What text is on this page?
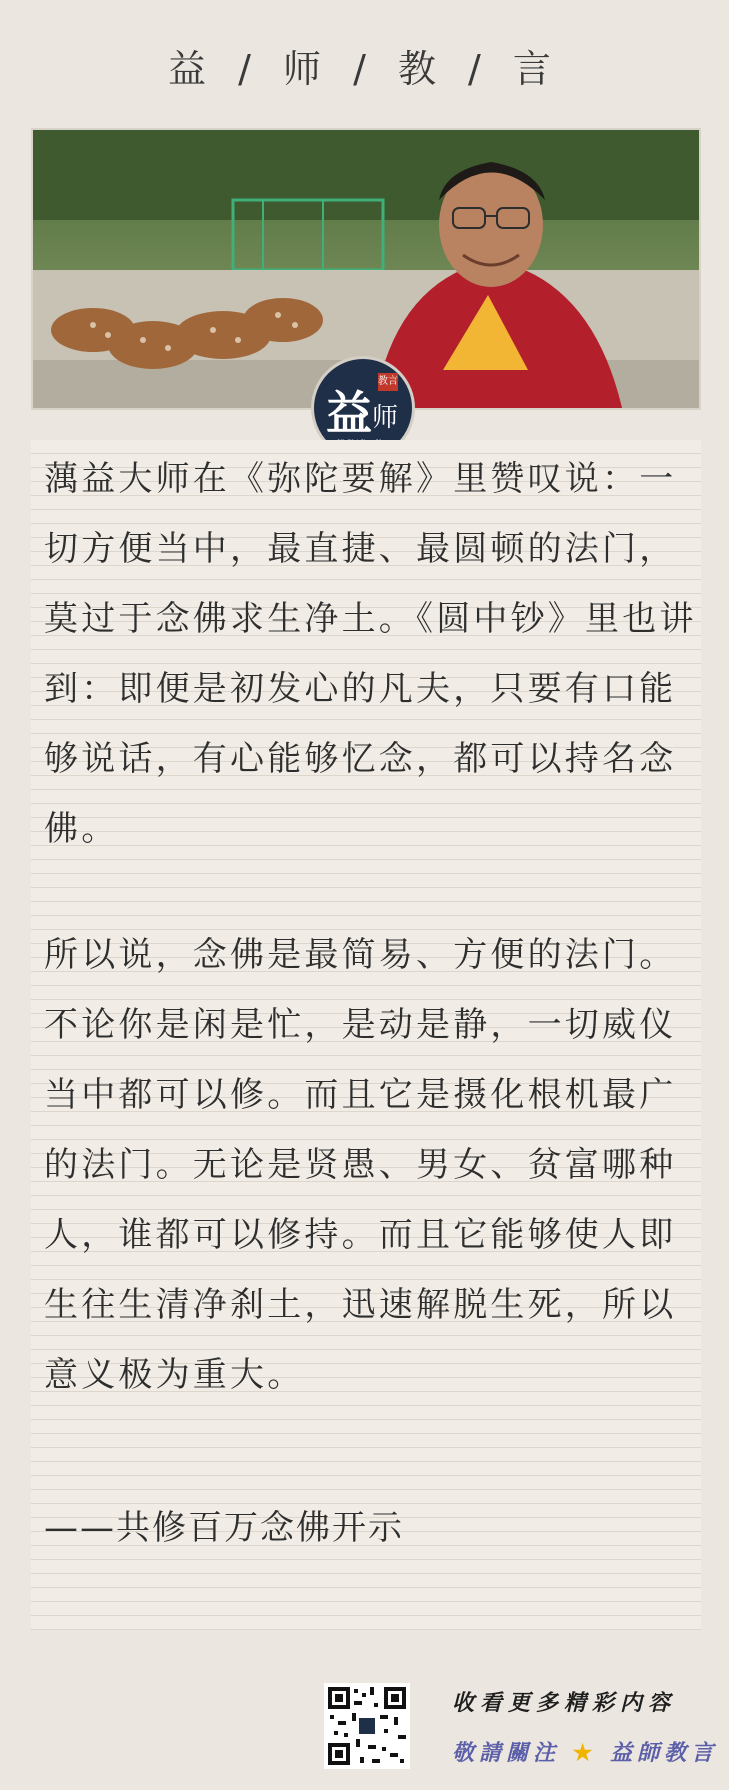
益 / 师 / 教 / 言
益 师
教言

蕅益大师在《弥陀要解》里赞叹说：一切方便当中，最直捷、最圆顿的法门，莫过于念佛求生净土。《圆中钞》里也讲到：即便是初发心的凡夫，只要有口能够说话，有心能够忆念，都可以持名念佛。

所以说，念佛是最简易、方便的法门。不论你是闲是忙，是动是静，一切威仪当中都可以修。而且它是摄化根机最广的法门。无论是贤愚、男女、贫富哪种人，谁都可以修持。而且它能够使人即生往生清净刹土，迅速解脱生死，所以意义极为重大。

——共修百万念佛开示
收看更多精彩内容
敬請關注 ★ 益師教言
